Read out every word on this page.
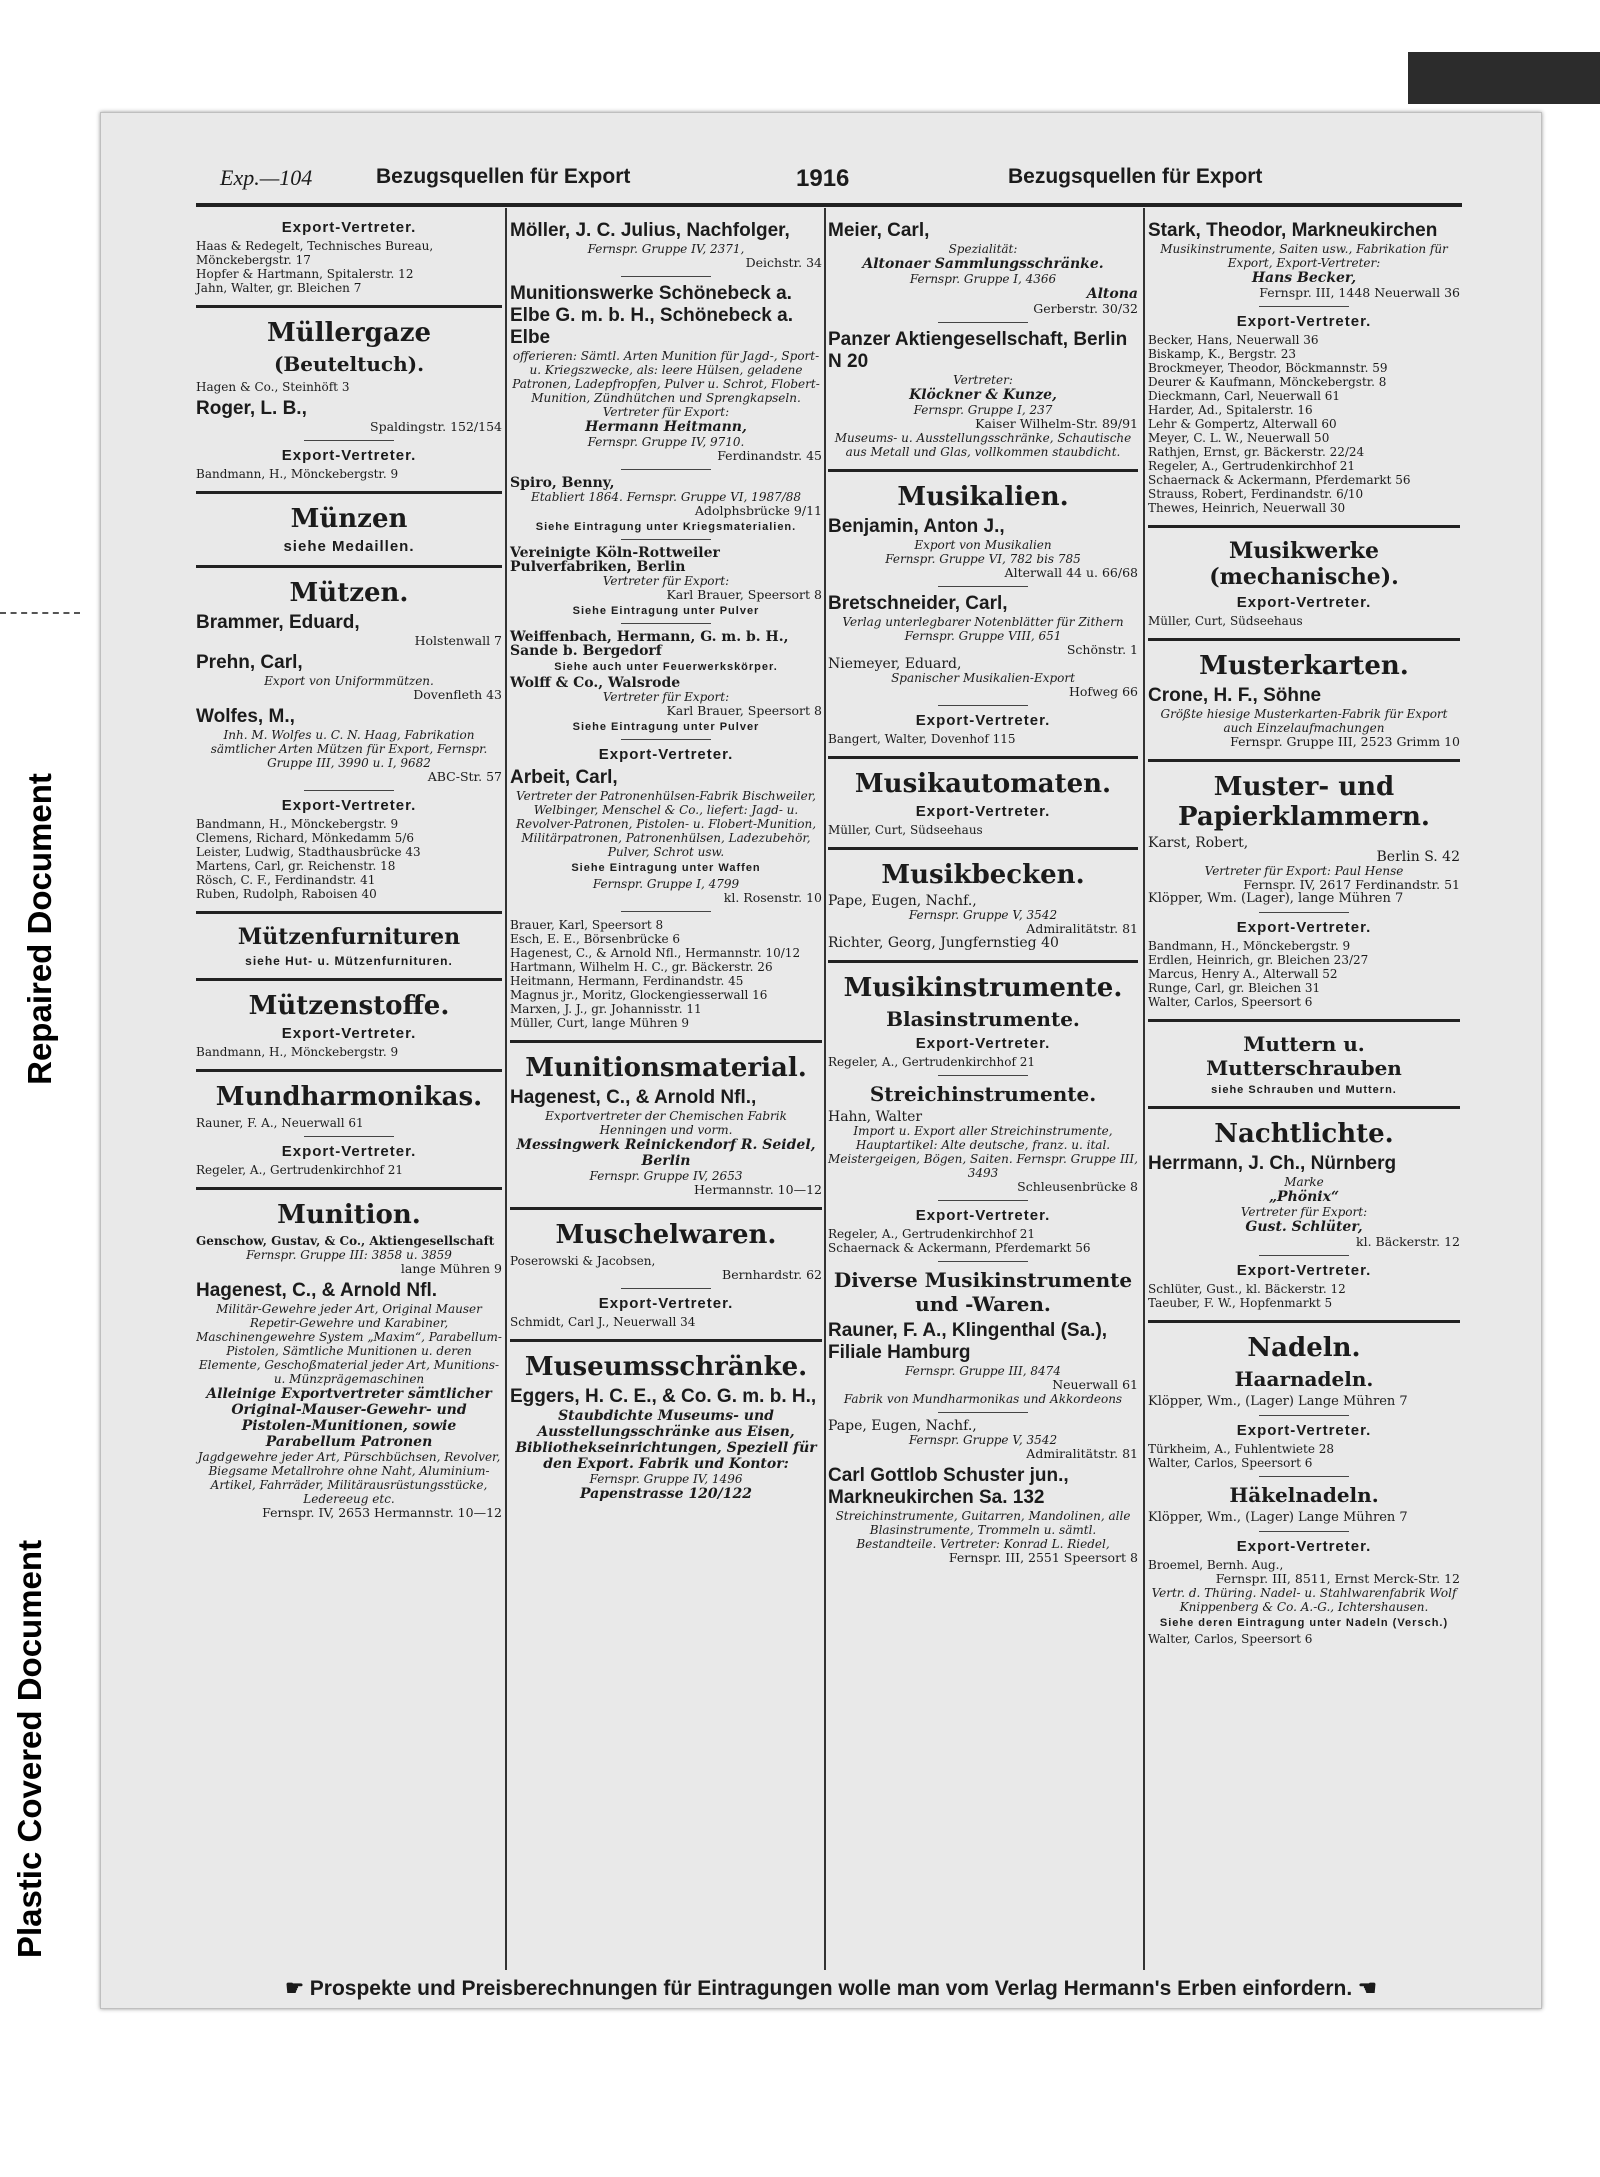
Repaired Document
Plastic Covered Document
Exp.—104	Bezugsquellen für Export	1916	Bezugsquellen für Export
Export-Vertreter.
Haas & Redegelt, Technisches Bureau, Mönckebergstr. 17
Hopfer & Hartmann, Spitalerstr. 12
Jahn, Walter, gr. Bleichen 7
Müllergaze
(Beuteltuch).
Hagen & Co., Steinhöft 3
Roger, L. B.,
Spaldingstr. 152/154
Export-Vertreter.
Bandmann, H., Mönckebergstr. 9
Münzen
siehe Medaillen.
Mützen.
Brammer, Eduard,
Holstenwall 7
Prehn, Carl,
Export von Uniformmützen.
Dovenfleth 43
Wolfes, M.,
Inh. M. Wolfes u. C. N. Haag, Fabrikation sämtlicher Arten Mützen für Export, Fernspr. Gruppe III, 3990 u. I, 9682
ABC-Str. 57
Export-Vertreter.
Bandmann, H., Mönckebergstr. 9
Clemens, Richard, Mönkedamm 5/6
Leister, Ludwig, Stadthausbrücke 43
Martens, Carl, gr. Reichenstr. 18
Rösch, C. F., Ferdinandstr. 41
Ruben, Rudolph, Raboisen 40
Mützenfurnituren
siehe Hut- u. Mützenfurnituren.
Mützenstoffe.
Export-Vertreter.
Bandmann, H., Mönckebergstr. 9
Mundharmonikas.
Rauner, F. A., Neuerwall 61
Export-Vertreter.
Regeler, A., Gertrudenkirchhof 21
Munition.
Genschow, Gustav, & Co., Aktiengesellschaft
Fernspr. Gruppe III: 3858 u. 3859
lange Mühren 9
Hagenest, C., & Arnold Nfl.
Militär-Gewehre jeder Art, Original Mauser Repetir-Gewehre und Karabiner, Maschinengewehre System „Maxim“, Parabellum-Pistolen, Sämtliche Munitionen u. deren Elemente, Geschoßmaterial jeder Art, Munitions- u. Münzprägemaschinen
Alleinige Exportvertreter sämtlicher Original-Mauser-Gewehr- und Pistolen-Munitionen, sowie Parabellum Patronen
Jagdgewehre jeder Art, Pürschbüchsen, Revolver, Biegsame Metallrohre ohne Naht, Aluminium-Artikel, Fahrräder, Militärausrüstungsstücke, Ledereeug etc.
Fernspr. IV, 2653 Hermannstr. 10—12
Möller, J. C. Julius, Nachfolger,
Fernspr. Gruppe IV, 2371,
Deichstr. 34
Munitionswerke Schönebeck a. Elbe G. m. b. H., Schönebeck a. Elbe
offerieren: Sämtl. Arten Munition für Jagd-, Sport- u. Kriegszwecke, als: leere Hülsen, geladene Patronen, Ladepfropfen, Pulver u. Schrot, Flobert-Munition, Zündhütchen und Sprengkapseln.
Vertreter für Export:
Hermann Heitmann,
Fernspr. Gruppe IV, 9710.
Ferdinandstr. 45
Spiro, Benny,
Etabliert 1864. Fernspr. Gruppe VI, 1987/88
Adolphsbrücke 9/11
Siehe Eintragung unter Kriegsmaterialien.
Vereinigte Köln-Rottweiler Pulverfabriken, Berlin
Vertreter für Export:
Karl Brauer, Speersort 8
Siehe Eintragung unter Pulver
Weiffenbach, Hermann, G. m. b. H., Sande b. Bergedorf
Siehe auch unter Feuerwerkskörper.
Wolff & Co., Walsrode
Vertreter für Export:
Karl Brauer, Speersort 8
Siehe Eintragung unter Pulver
Export-Vertreter.
Arbeit, Carl,
Vertreter der Patronenhülsen-Fabrik Bischweiler, Welbinger, Menschel & Co., liefert: Jagd- u. Revolver-Patronen, Pistolen- u. Flobert-Munition, Militärpatronen, Patronenhülsen, Ladezubehör, Pulver, Schrot usw.
Siehe Eintragung unter Waffen
Fernspr. Gruppe I, 4799
kl. Rosenstr. 10
Brauer, Karl, Speersort 8
Esch, E. E., Börsenbrücke 6
Hagenest, C., & Arnold Nfl., Hermannstr. 10/12
Hartmann, Wilhelm H. C., gr. Bäckerstr. 26
Heitmann, Hermann, Ferdinandstr. 45
Magnus jr., Moritz, Glockengiesserwall 16
Marxen, J. J., gr. Johannisstr. 11
Müller, Curt, lange Mühren 9
Munitionsmaterial.
Hagenest, C., & Arnold Nfl.,
Exportvertreter der Chemischen Fabrik Henningen und vorm.
Messingwerk Reinickendorf R. Seidel, Berlin
Fernspr. Gruppe IV, 2653
Hermannstr. 10—12
Muschelwaren.
Poserowski & Jacobsen,
Bernhardstr. 62
Export-Vertreter.
Schmidt, Carl J., Neuerwall 34
Museumsschränke.
Eggers, H. C. E., & Co. G. m. b. H.,
Staubdichte Museums- und Ausstellungsschränke aus Eisen, Bibliothekseinrichtungen, Speziell für den Export. Fabrik und Kontor:
Fernspr. Gruppe IV, 1496
Papenstrasse 120/122
Meier, Carl,
Spezialität:
Altonaer Sammlungsschränke.
Fernspr. Gruppe I, 4366
Altona
Gerberstr. 30/32
Panzer Aktiengesellschaft, Berlin N 20
Vertreter:
Klöckner & Kunze,
Fernspr. Gruppe I, 237
Kaiser Wilhelm-Str. 89/91
Museums- u. Ausstellungsschränke, Schautische aus Metall und Glas, vollkommen staubdicht.
Musikalien.
Benjamin, Anton J.,
Export von Musikalien
Fernspr. Gruppe VI, 782 bis 785
Alterwall 44 u. 66/68
Bretschneider, Carl,
Verlag unterlegbarer Notenblätter für Zithern
Fernspr. Gruppe VIII, 651
Schönstr. 1
Niemeyer, Eduard,
Spanischer Musikalien-Export
Hofweg 66
Export-Vertreter.
Bangert, Walter, Dovenhof 115
Musikautomaten.
Export-Vertreter.
Müller, Curt, Südseehaus
Musikbecken.
Pape, Eugen, Nachf.,
Fernspr. Gruppe V, 3542
Admiralitätstr. 81
Richter, Georg, Jungfernstieg 40
Musikinstrumente.
Blasinstrumente.
Export-Vertreter.
Regeler, A., Gertrudenkirchhof 21
Streichinstrumente.
Hahn, Walter
Import u. Export aller Streichinstrumente, Hauptartikel: Alte deutsche, franz. u. ital. Meistergeigen, Bögen, Saiten. Fernspr. Gruppe III, 3493
Schleusenbrücke 8
Export-Vertreter.
Regeler, A., Gertrudenkirchhof 21
Schaernack & Ackermann, Pferdemarkt 56
Diverse Musikinstrumente und -Waren.
Rauner, F. A., Klingenthal (Sa.), Filiale Hamburg
Fernspr. Gruppe III, 8474
Neuerwall 61
Fabrik von Mundharmonikas und Akkordeons
Pape, Eugen, Nachf.,
Fernspr. Gruppe V, 3542
Admiralitätstr. 81
Carl Gottlob Schuster jun., Markneukirchen Sa. 132
Streichinstrumente, Guitarren, Mandolinen, alle Blasinstrumente, Trommeln u. sämtl. Bestandteile. Vertreter: Konrad L. Riedel,
Fernspr. III, 2551 Speersort 8
Stark, Theodor, Markneukirchen
Musikinstrumente, Saiten usw., Fabrikation für Export, Export-Vertreter:
Hans Becker,
Fernspr. III, 1448 Neuerwall 36
Export-Vertreter.
Becker, Hans, Neuerwall 36
Biskamp, K., Bergstr. 23
Brockmeyer, Theodor, Böckmannstr. 59
Deurer & Kaufmann, Mönckebergstr. 8
Dieckmann, Carl, Neuerwall 61
Harder, Ad., Spitalerstr. 16
Lehr & Gompertz, Alterwall 60
Meyer, C. L. W., Neuerwall 50
Rathjen, Ernst, gr. Bäckerstr. 22/24
Regeler, A., Gertrudenkirchhof 21
Schaernack & Ackermann, Pferdemarkt 56
Strauss, Robert, Ferdinandstr. 6/10
Thewes, Heinrich, Neuerwall 30
Musikwerke (mechanische).
Export-Vertreter.
Müller, Curt, Südseehaus
Musterkarten.
Crone, H. F., Söhne
Größte hiesige Musterkarten-Fabrik für Export auch Einzelaufmachungen
Fernspr. Gruppe III, 2523 Grimm 10
Muster- und Papierklammern.
Karst, Robert,
Berlin S. 42
Vertreter für Export: Paul Hense
Fernspr. IV, 2617 Ferdinandstr. 51
Klöpper, Wm. (Lager), lange Mühren 7
Export-Vertreter.
Bandmann, H., Mönckebergstr. 9
Erdlen, Heinrich, gr. Bleichen 23/27
Marcus, Henry A., Alterwall 52
Runge, Carl, gr. Bleichen 31
Walter, Carlos, Speersort 6
Muttern u. Mutterschrauben
siehe Schrauben und Muttern.
Nachtlichte.
Herrmann, J. Ch., Nürnberg
Marke
„Phönix“
Vertreter für Export:
Gust. Schlüter,
kl. Bäckerstr. 12
Export-Vertreter.
Schlüter, Gust., kl. Bäckerstr. 12
Taeuber, F. W., Hopfenmarkt 5
Nadeln.
Haarnadeln.
Klöpper, Wm., (Lager) Lange Mühren 7
Export-Vertreter.
Türkheim, A., Fuhlentwiete 28
Walter, Carlos, Speersort 6
Häkelnadeln.
Klöpper, Wm., (Lager) Lange Mühren 7
Export-Vertreter.
Broemel, Bernh. Aug.,
Fernspr. III, 8511, Ernst Merck-Str. 12
Vertr. d. Thüring. Nadel- u. Stahlwarenfabrik Wolf Knippenberg & Co. A.-G., Ichtershausen.
Siehe deren Eintragung unter Nadeln (Versch.)
Walter, Carlos, Speersort 6
☛ Prospekte und Preisberechnungen für Eintragungen wolle man vom Verlag Hermann's Erben einfordern. ☚
